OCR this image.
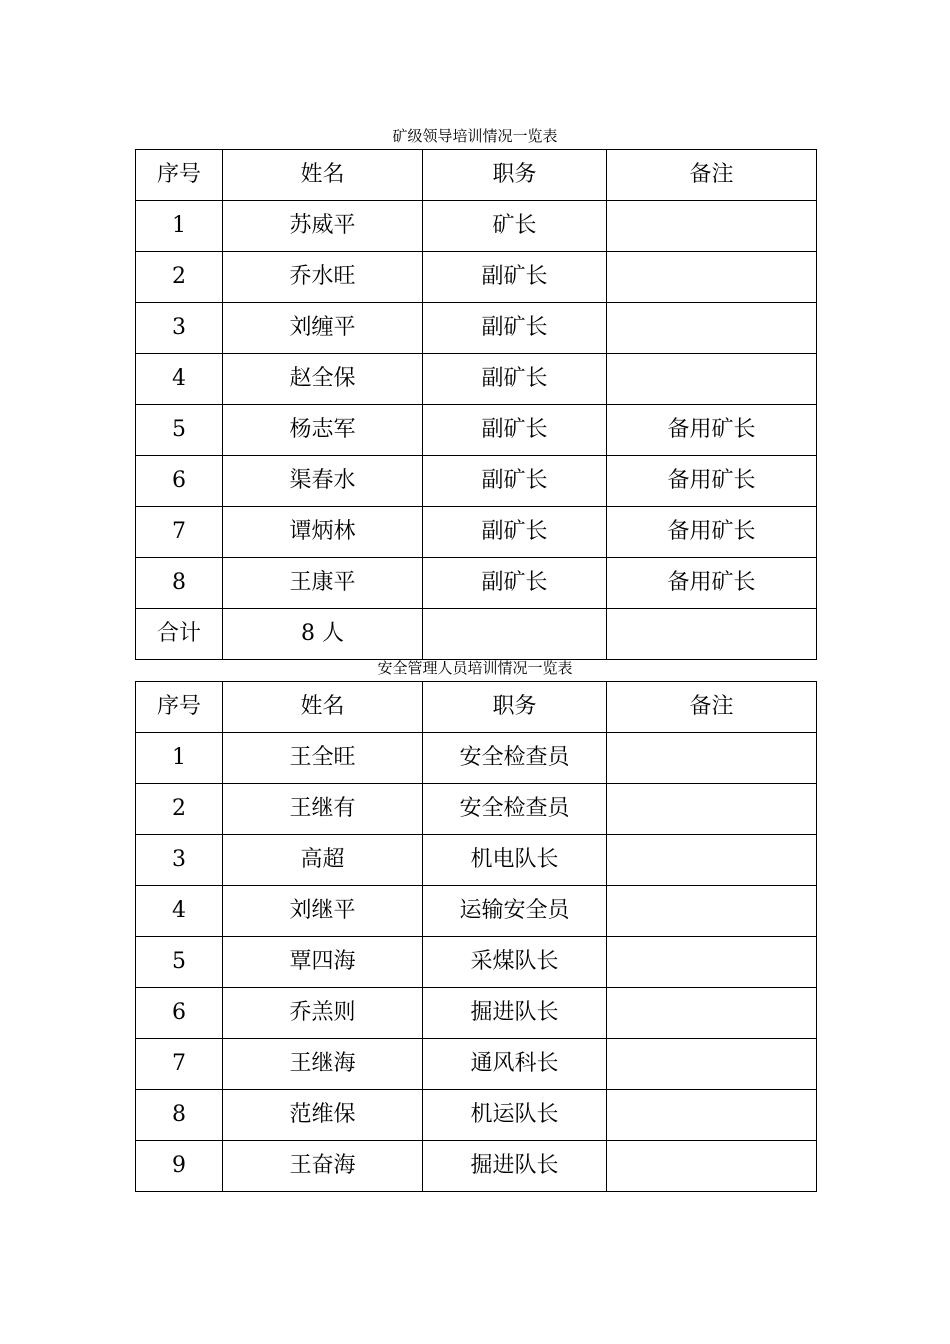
矿级领导培训情况一览表
序号	姓名	职务	备注
1	苏威平	矿长	
2	乔水旺	副矿长	
3	刘缠平	副矿长	
4	赵全保	副矿长	
5	杨志军	副矿长	备用矿长
6	渠春水	副矿长	备用矿长
7	谭炳林	副矿长	备用矿长
8	王康平	副矿长	备用矿长
合计	8 人		
安全管理人员培训情况一览表
序号	姓名	职务	备注
1	王全旺	安全检查员	
2	王继有	安全检查员	
3	高超	机电队长	
4	刘继平	运输安全员	
5	覃四海	采煤队长	
6	乔羔则	掘进队长	
7	王继海	通风科长	
8	范维保	机运队长	
9	王奋海	掘进队长	
